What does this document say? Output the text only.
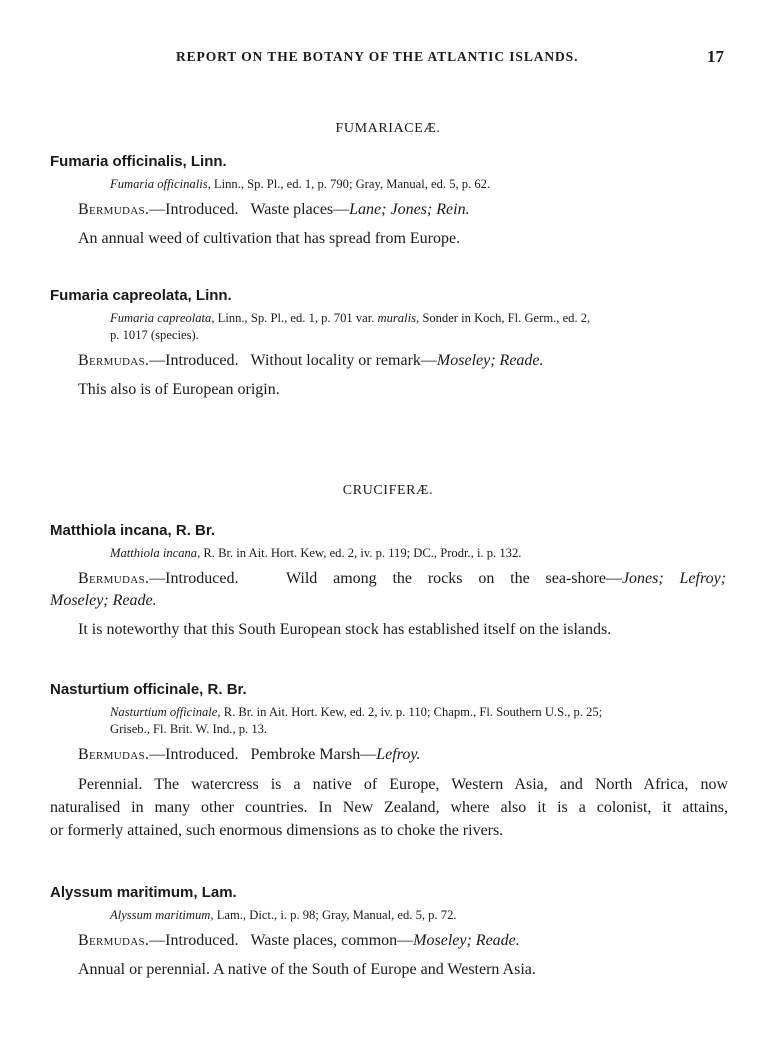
REPORT ON THE BOTANY OF THE ATLANTIC ISLANDS.	17
FUMARIACEÆ.
Fumaria officinalis, Linn.
Fumaria officinalis, Linn., Sp. Pl., ed. 1, p. 790; Gray, Manual, ed. 5, p. 62.
Bermudas.—Introduced. Waste places—Lane; Jones; Rein.
An annual weed of cultivation that has spread from Europe.
Fumaria capreolata, Linn.
Fumaria capreolata, Linn., Sp. Pl., ed. 1, p. 701 var. muralis, Sonder in Koch, Fl. Germ., ed. 2,
p. 1017 (species).
Bermudas.—Introduced. Without locality or remark—Moseley; Reade.
This also is of European origin.
CRUCIFERÆ.
Matthiola incana, R. Br.
Matthiola incana, R. Br. in Ait. Hort. Kew, ed. 2, iv. p. 119; DC., Prodr., i. p. 132.
Bermudas.—Introduced.	Wild among the rocks on the sea-shore—Jones; Lefroy;
Moseley; Reade.
It is noteworthy that this South European stock has established itself on the islands.
Nasturtium officinale, R. Br.
Nasturtium officinale, R. Br. in Ait. Hort. Kew, ed. 2, iv. p. 110; Chapm., Fl. Southern U.S., p. 25;
Griseb., Fl. Brit. W. Ind., p. 13.
Bermudas.—Introduced. Pembroke Marsh—Lefroy.
Perennial. The watercress is a native of Europe, Western Asia, and North Africa, now
naturalised in many other countries. In New Zealand, where also it is a colonist, it attains,
or formerly attained, such enormous dimensions as to choke the rivers.
Alyssum maritimum, Lam.
Alyssum maritimum, Lam., Dict., i. p. 98; Gray, Manual, ed. 5, p. 72.
Bermudas.—Introduced. Waste places, common—Moseley; Reade.
Annual or perennial. A native of the South of Europe and Western Asia.
